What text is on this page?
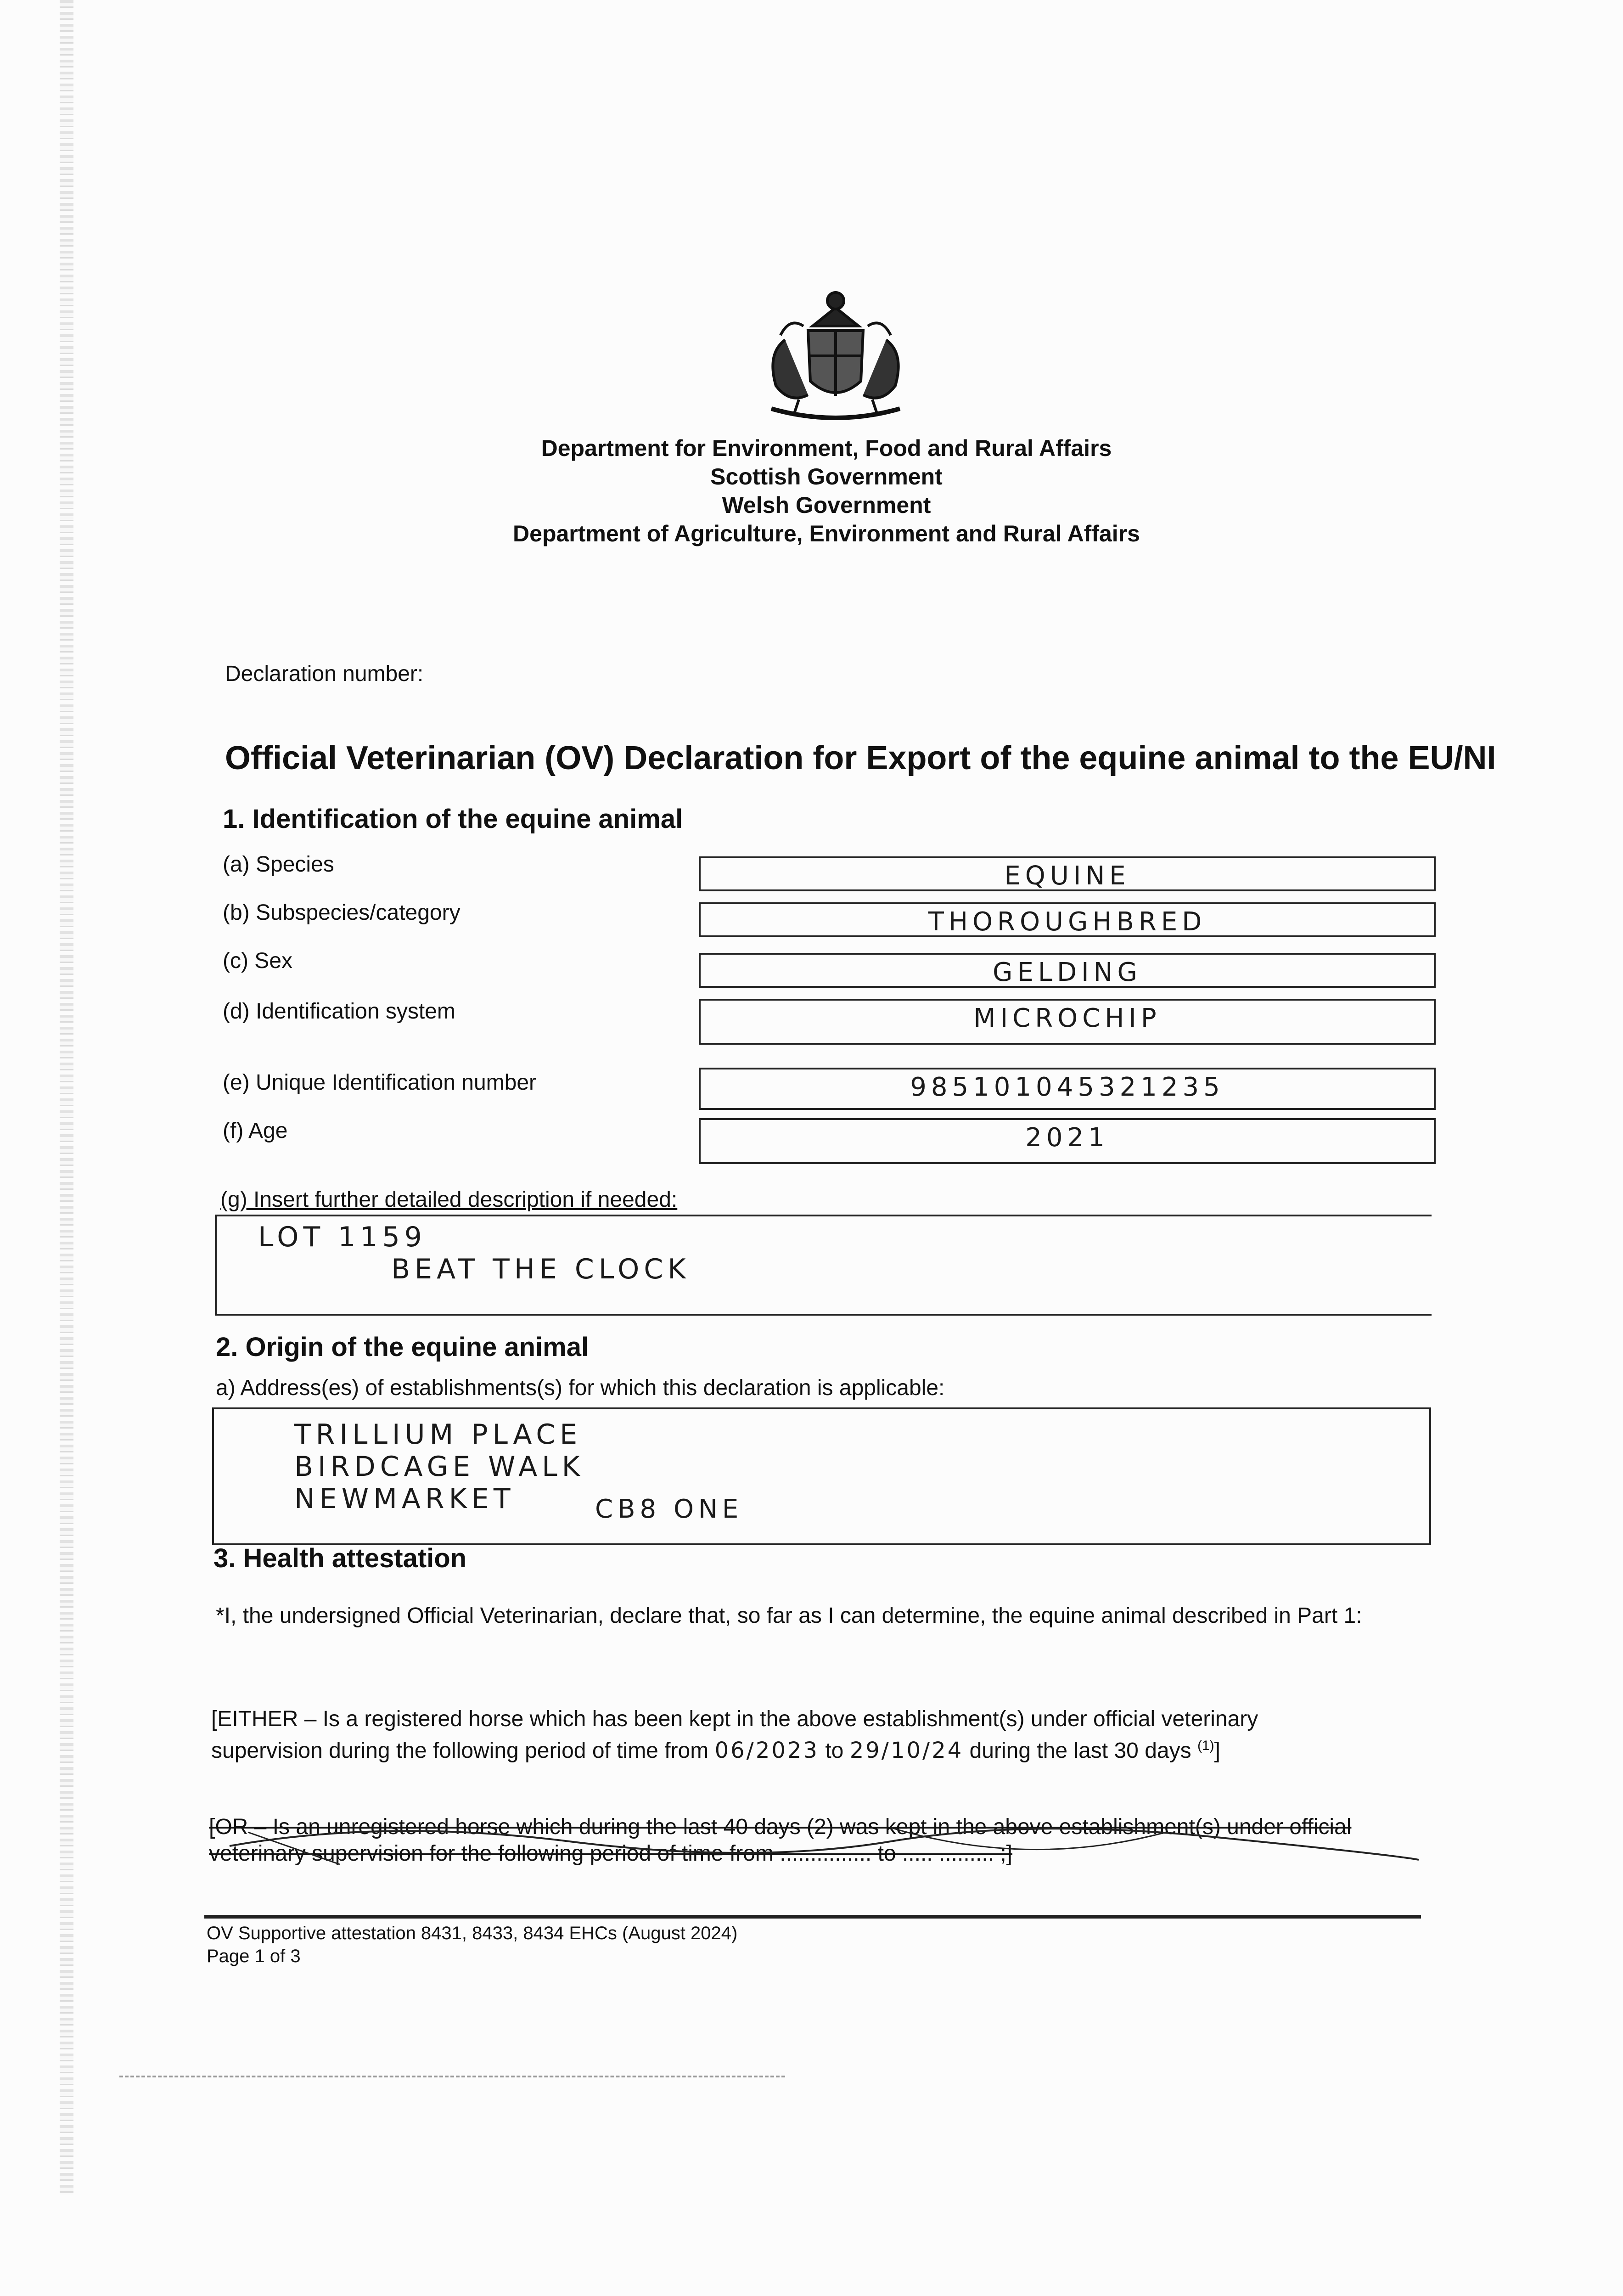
Department for Environment, Food and Rural Affairs
Scottish Government
Welsh Government
Department of Agriculture, Environment and Rural Affairs
Declaration number:
Official Veterinarian (OV) Declaration for Export of the equine animal to the EU/NI
1. Identification of the equine animal
(a) Species	EQUINE
(b) Subspecies/category	THOROUGHBRED
(c) Sex	GELDING
(d) Identification system	MICROCHIP
(e) Unique Identification number	985101045321235
(f) Age	2021
(g) Insert further detailed description if needed:
LOT 1159
BEAT THE CLOCK
2. Origin of the equine animal
a) Address(es) of establishments(s) for which this declaration is applicable:
TRILLIUM PLACE
BIRDCAGE WALK
NEWMARKET	CB8 ONE
3. Health attestation
*I, the undersigned Official Veterinarian, declare that, so far as I can determine, the equine animal described in Part 1:
[EITHER – Is a registered horse which has been kept in the above establishment(s) under official veterinary
supervision during the following period of time from 06/2023 to 29/10/24 during the last 30 days $^{(1)}$]
[OR – Is an unregistered horse which during the last 40 days (2) was kept in the above establishment(s) under official
veterinary supervision for the following period of time from ............... to ..... ......... ;]
OV Supportive attestation 8431, 8433, 8434 EHCs (August 2024)
Page 1 of 3
